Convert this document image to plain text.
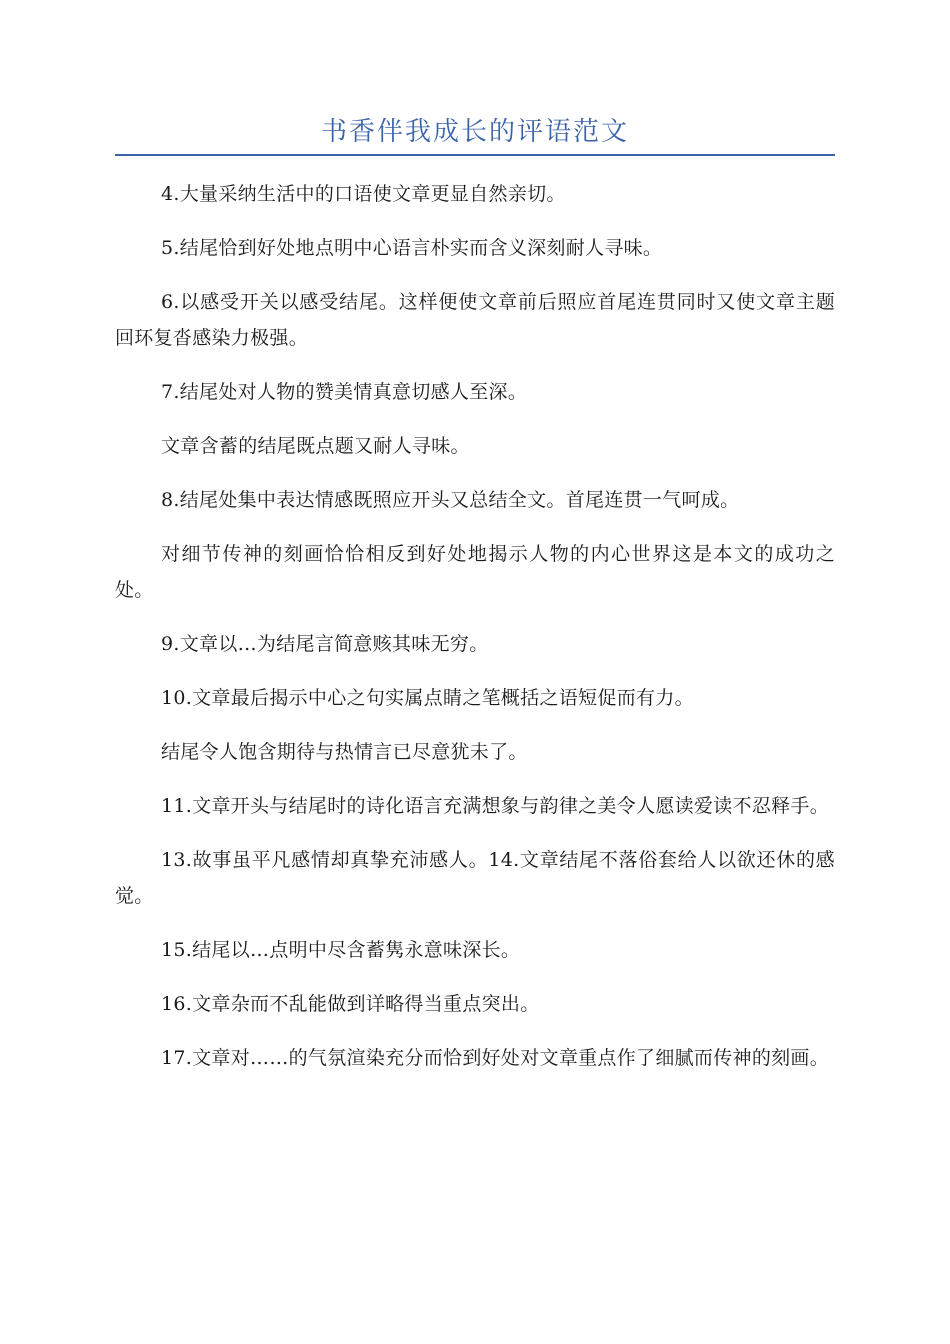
书香伴我成长的评语范文

4.大量采纳生活中的口语使文章更显自然亲切。

5.结尾恰到好处地点明中心语言朴实而含义深刻耐人寻味。

6.以感受开关以感受结尾。这样便使文章前后照应首尾连贯同时又使文章主题回环复沓感染力极强。

7.结尾处对人物的赞美情真意切感人至深。

文章含蓄的结尾既点题又耐人寻味。

8.结尾处集中表达情感既照应开头又总结全文。首尾连贯一气呵成。

对细节传神的刻画恰恰相反到好处地揭示人物的内心世界这是本文的成功之处。

9.文章以…为结尾言简意赅其味无穷。

10.文章最后揭示中心之句实属点睛之笔概括之语短促而有力。

结尾令人饱含期待与热情言已尽意犹未了。

11.文章开头与结尾时的诗化语言充满想象与韵律之美令人愿读爱读不忍释手。

13.故事虽平凡感情却真挚充沛感人。14.文章结尾不落俗套给人以欲还休的感觉。

15.结尾以…点明中尽含蓄隽永意味深长。

16.文章杂而不乱能做到详略得当重点突出。

17.文章对……的气氛渲染充分而恰到好处对文章重点作了细腻而传神的刻画。
